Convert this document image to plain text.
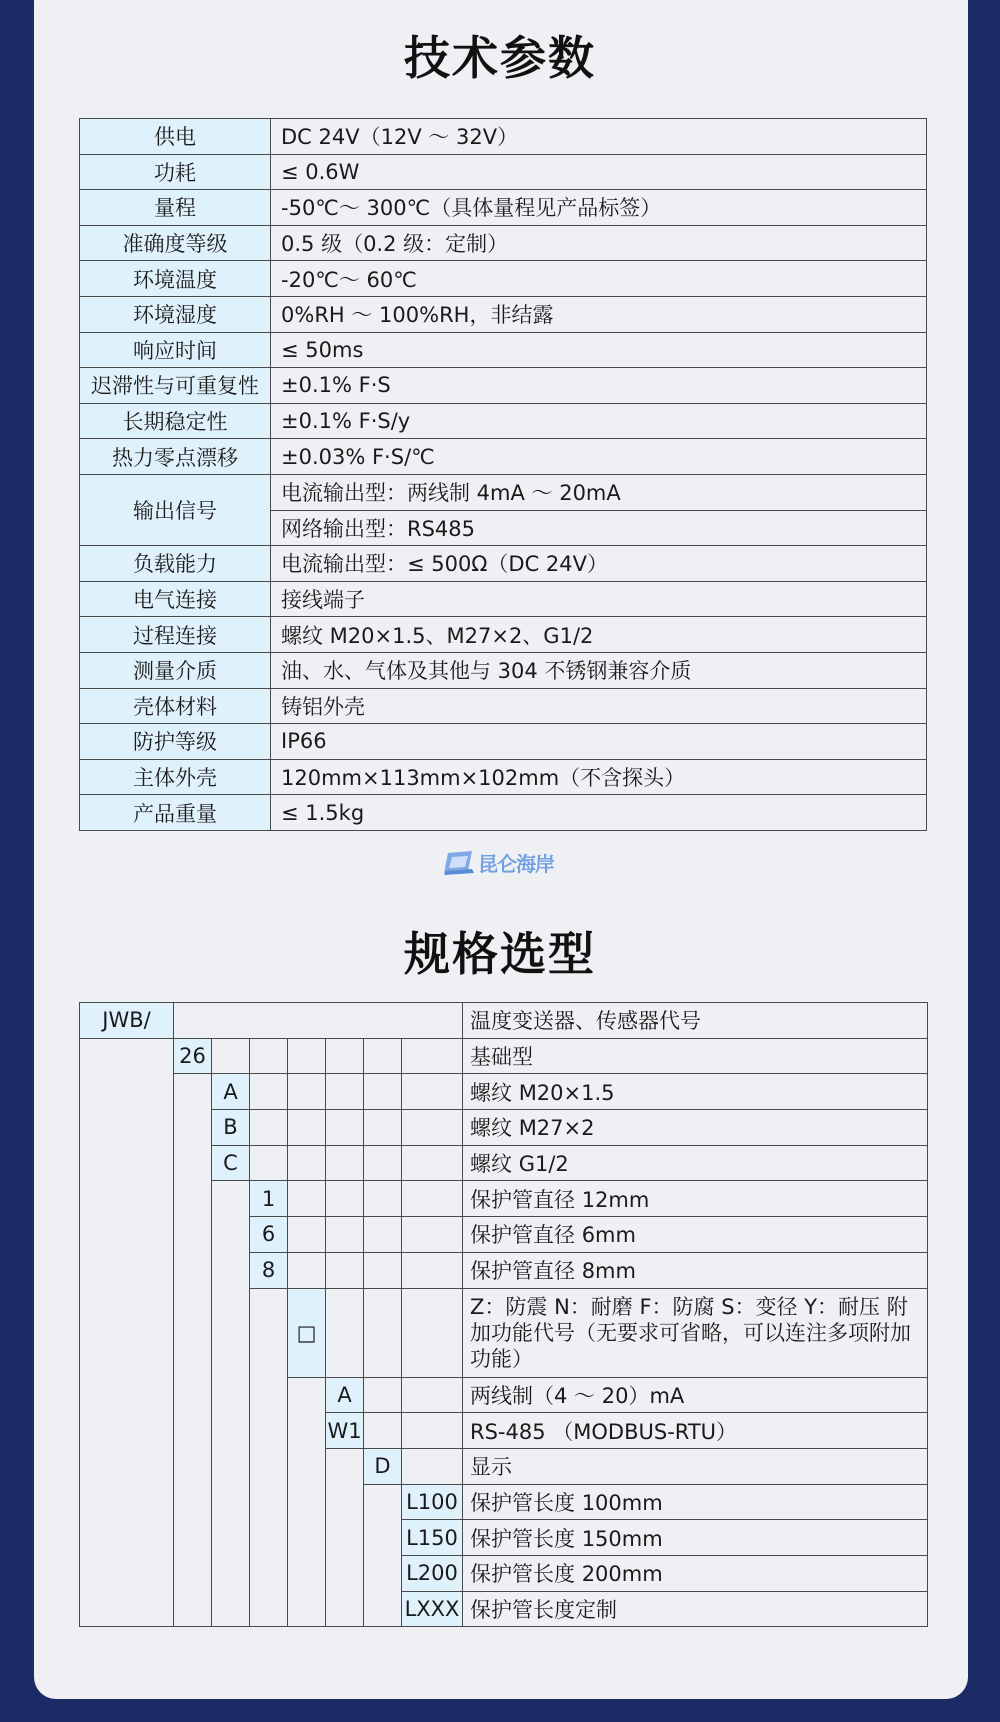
技术参数
供电	DC 24V（12V ～ 32V）
功耗	≤ 0.6W
量程	-50℃～ 300℃（具体量程见产品标签）
准确度等级	0.5 级（0.2 级：定制）
环境温度	-20℃～ 60℃
环境湿度	0%RH ～ 100%RH，非结露
响应时间	≤ 50ms
迟滞性与可重复性	±0.1% F·S
长期稳定性	±0.1% F·S/y
热力零点漂移	±0.03% F·S/℃
输出信号	电流输出型：两线制 4mA ～ 20mA
	网络输出型：RS485
负载能力	电流输出型：≤ 500Ω（DC 24V）
电气连接	接线端子
过程连接	螺纹 M20×1.5、M27×2、G1/2
测量介质	油、水、气体及其他与 304 不锈钢兼容介质
壳体材料	铸铝外壳
防护等级	IP66
主体外壳	120mm×113mm×102mm（不含探头）
产品重量	≤ 1.5kg
昆仑海岸
规格选型
JWB/								温度变送器、传感器代号
	26							基础型
		A						螺纹 M20×1.5
		B						螺纹 M27×2
		C						螺纹 G1/2
			1					保护管直径 12mm
			6					保护管直径 6mm
			8					保护管直径 8mm
				□				Z：防震 N：耐磨 F：防腐 S：变径 Y：耐压 附加功能代号（无要求可省略，可以连注多项附加功能）
					A			两线制（4 ～ 20）mA
					W1			RS-485 （MODBUS-RTU）
						D		显示
							L100	保护管长度 100mm
							L150	保护管长度 150mm
							L200	保护管长度 200mm
							LXXX	保护管长度定制
